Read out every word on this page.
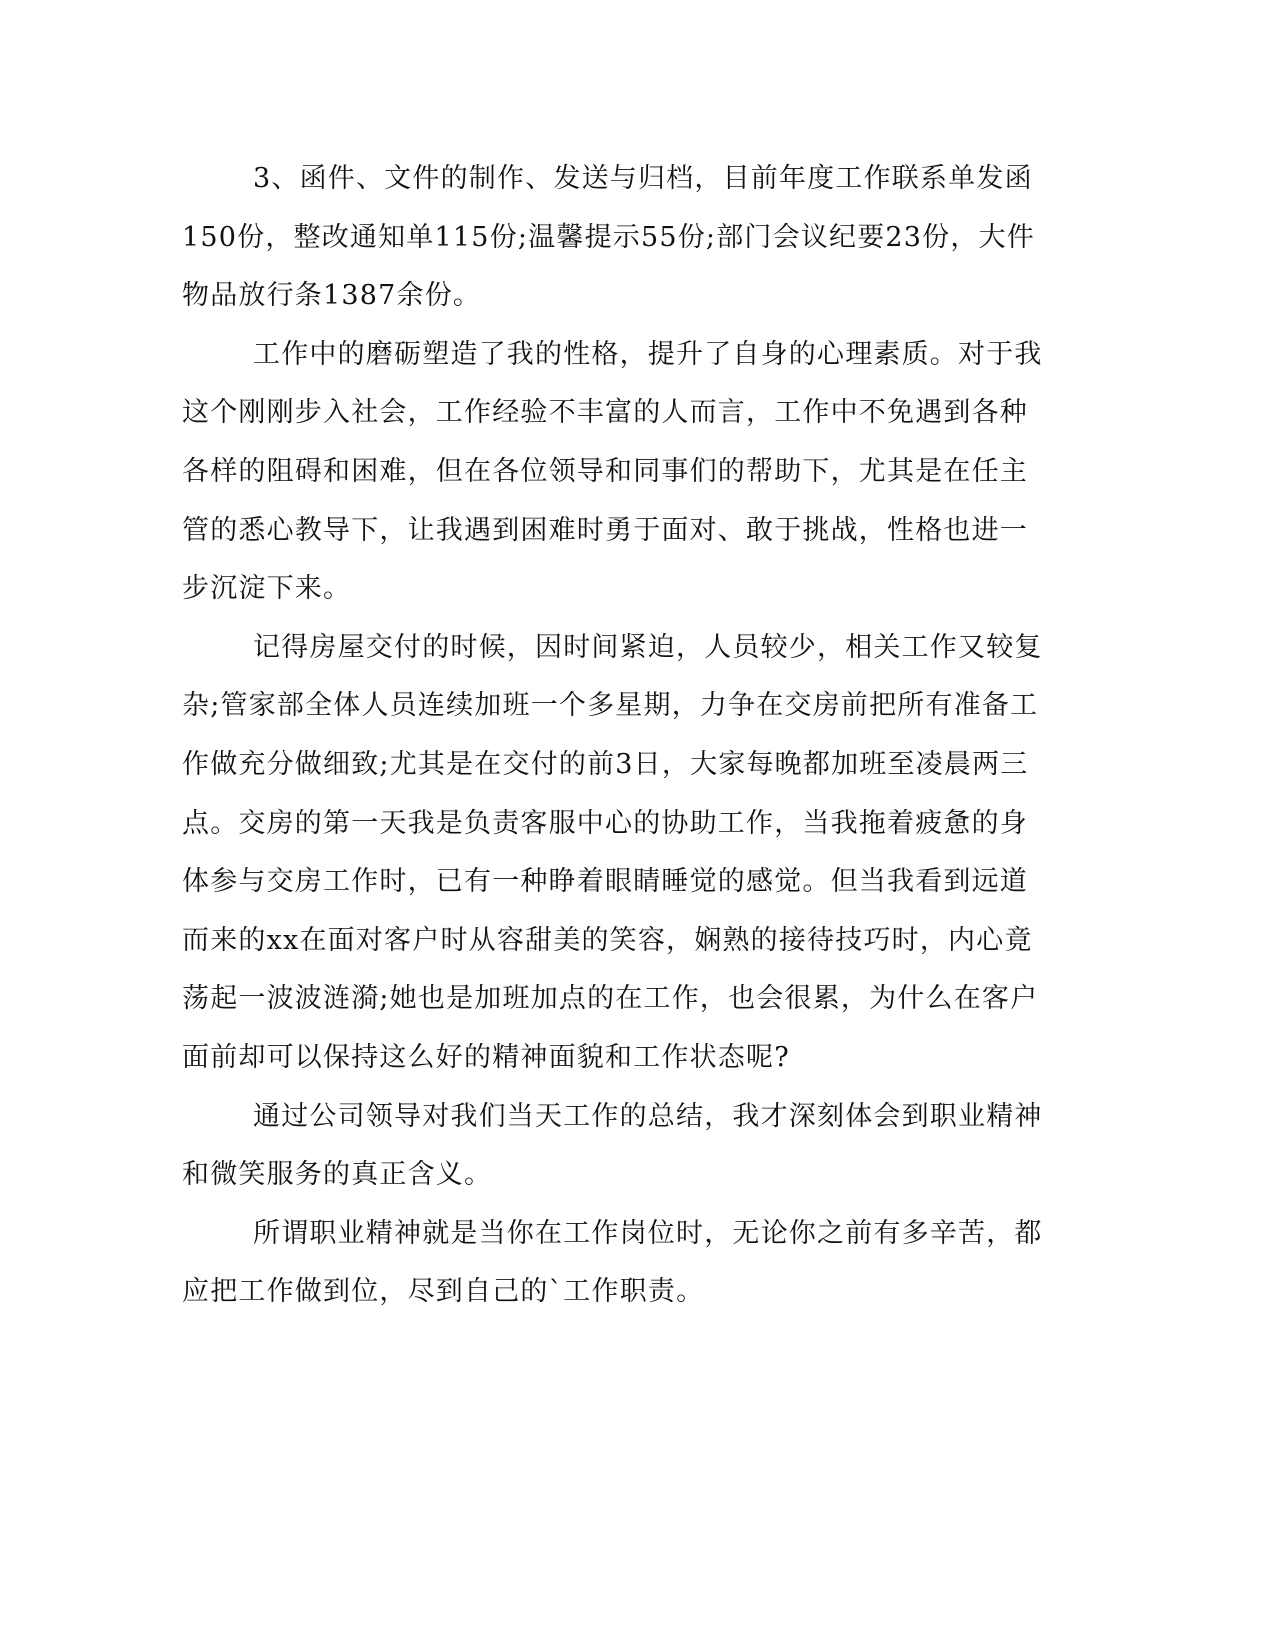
3、函件、文件的制作、发送与归档，目前年度工作联系单发函
150份，整改通知单115份;温馨提示55份;部门会议纪要23份，大件
物品放行条1387余份。

工作中的磨砺塑造了我的性格，提升了自身的心理素质。对于我
这个刚刚步入社会，工作经验不丰富的人而言，工作中不免遇到各种
各样的阻碍和困难，但在各位领导和同事们的帮助下，尤其是在任主
管的悉心教导下，让我遇到困难时勇于面对、敢于挑战，性格也进一
步沉淀下来。

记得房屋交付的时候，因时间紧迫，人员较少，相关工作又较复
杂;管家部全体人员连续加班一个多星期，力争在交房前把所有准备工
作做充分做细致;尤其是在交付的前3日，大家每晚都加班至凌晨两三
点。交房的第一天我是负责客服中心的协助工作，当我拖着疲惫的身
体参与交房工作时，已有一种睁着眼睛睡觉的感觉。但当我看到远道
而来的xx在面对客户时从容甜美的笑容，娴熟的接待技巧时，内心竟
荡起一波波涟漪;她也是加班加点的在工作，也会很累，为什么在客户
面前却可以保持这么好的精神面貌和工作状态呢?

通过公司领导对我们当天工作的总结，我才深刻体会到职业精神
和微笑服务的真正含义。

所谓职业精神就是当你在工作岗位时，无论你之前有多辛苦，都
应把工作做到位，尽到自己的`工作职责。
